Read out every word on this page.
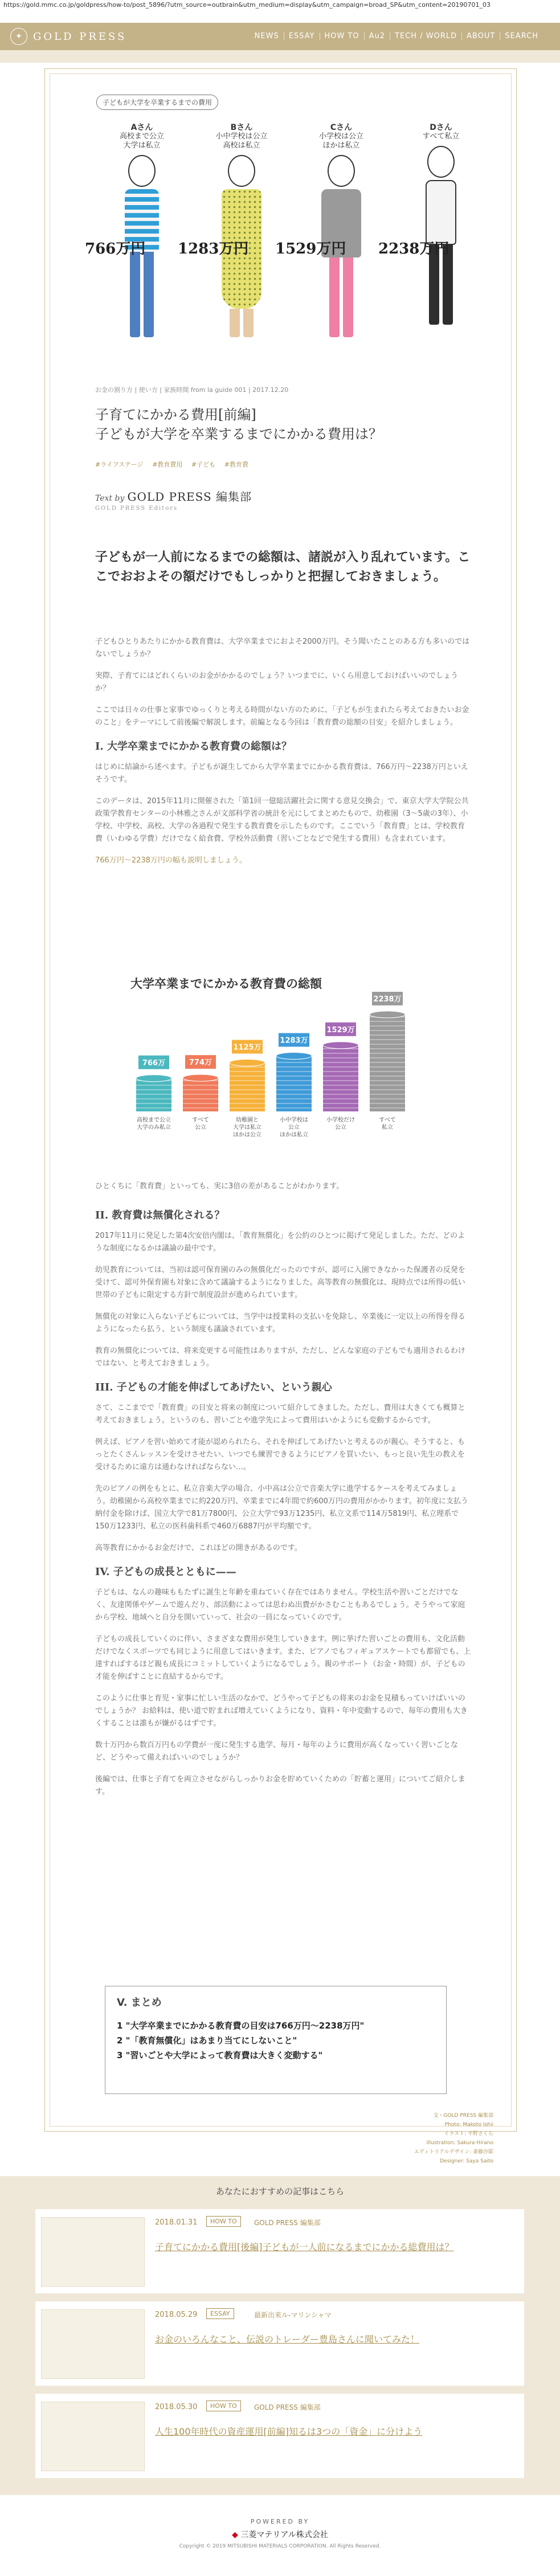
https://gold.mmc.co.jp/goldpress/how-to/post_5896/?utm_source=outbrain&utm_medium=display&utm_campaign=broad_SP&utm_content=20190701_03
✦	GOLD PRESS	NEWS	ESSAY	HOW TO	Au2	TECH / WORLD	ABOUT	SEARCH
子どもが大学を卒業するまでの費用
Aさん
高校まで公立
大学は私立
766万円
Bさん
小中学校は公立
高校は私立
1283万円
Cさん
小学校は公立
ほかは私立
1529万円
Dさん
すべて私立
2238万円
お金の割り方 | 使い方 | 家族時間 from la guide 001 | 2017.12.20
子育てにかかる費用[前編]
子どもが大学を卒業するまでにかかる費用は？
#ライフステージ #教育費用 #子ども #教育費
Text by GOLD PRESS 編集部
GOLD PRESS Editors
子どもが一人前になるまでの総額は、諸説が入り乱れています。ここでおおよその額だけでもしっかりと把握しておきましょう。

子どもひとりあたりにかかる教育費は、大学卒業までにおよそ2000万円。そう聞いたことのある方も多いのではないでしょうか？

実際、子育てにはどれくらいのお金がかかるのでしょう？いつまでに、いくら用意しておけばいいのでしょうか？

ここでは日々の仕事と家事でゆっくりと考える時間がない方のために、「子どもが生まれたら考えておきたいお金のこと」をテーマにして前後編で解説します。前編となる今回は「教育費の総額の目安」を紹介しましょう。

I. 大学卒業までにかかる教育費の総額は？

はじめに結論から述べます。子どもが誕生してから大学卒業までにかかる教育費は、766万円〜2238万円といえそうです。

このデータは、2015年11月に開催された「第1回一億総活躍社会に関する意見交換会」で、東京大学大学院公共政策学教育センターの小林雅之さんが文部科学省の統計を元にしてまとめたもので、幼稚園（3〜5歳の3年）、小学校、中学校、高校、大学の各過程で発生する教育費を示したものです。ここでいう「教育費」とは、学校教育費（いわゆる学費）だけでなく給食費、学校外活動費（習いごとなどで発生する費用）も含まれています。

766万円〜2238万円の幅も説明しましょう。

大学卒業までにかかる教育費の総額
766万
高校まで公立
大学のみ私立
774万
すべて
公立
1125万
幼稚園と
大学は私立
ほかは公立
1283万
小中学校は
公立
ほかは私立
1529万
小学校だけ
公立
2238万
すべて
私立
ひとくちに「教育費」といっても、実に3倍の差があることがわかります。
II. 教育費は無償化される？

2017年11月に発足した第4次安倍内閣は、「教育無償化」を公約のひとつに掲げて発足しました。ただ、どのような制度になるかは議論の最中です。

幼児教育については、当初は認可保育園のみの無償化だったのですが、認可に入園できなかった保護者の反発を受けて、認可外保育園も対象に含めて議論するようになりました。高等教育の無償化は、現時点では所得の低い世帯の子どもに限定する方針で制度設計が進められています。

無償化の対象に入らない子どもについては、当学中は授業料の支払いを免除し、卒業後に一定以上の所得を得るようになったら払う、という制度も議論されています。

教育の無償化については、将来変更する可能性はありますが、ただし、どんな家庭の子どもでも適用されるわけではない、と考えておきましょう。

III. 子どもの才能を伸ばしてあげたい、という親心

さて、ここまでで「教育費」の目安と将来の制度について紹介してきました。ただし、費用は大きくても概算と考えておきましょう。というのも、習いごとや進学先によって費用はいかようにも変動するからです。

例えば、ピアノを習い始めて才能が認められたら、それを伸ばしてあげたいと考えるのが親心。そうすると、もっとたくさんレッスンを受けさせたい、いつでも練習できるようにピアノを買いたい、もっと良い先生の教えを受けるために遠方は通わなければならない…。

先のピアノの例をもとに、私立音楽大学の場合、小中高は公立で音楽大学に進学するケースを考えてみましょう。幼稚園から高校卒業までに約220万円、卒業までに4年間で約600万円の費用がかかります。初年度に支払う納付金を除けば、国立大学で81万7800円、公立大学で93万1235円、私立文系で114万5819円、私立理系で150万1233円、私立の医科歯科系で460万6887円が平均額です。

高等教育にかかるお金だけで、これほどの開きがあるのです。

IV. 子どもの成長とともに——

子どもは、なんの趣味ももたずに誕生と年齢を重ねていく存在ではありません。学校生活や習いごとだけでなく、友達関係やゲームで遊んだり、部活動によっては思わぬ出費がかさむこともあるでしょう。そうやって家庭から学校、地域へと自分を開いていって、社会の一員になっていくのです。

子どもの成長していくのに伴い、さまざまな費用が発生していきます。例に挙げた習いごとの費用も、文化活動だけでなくスポーツでも同じように用意してはいきます。また、ピアノでもフィギュアスケートでも都留でも、上達すればするほど親も成長にコミットしていくようになるでしょう。親のサポート（お金・時間）が、子どもの才能を伸ばすことに直結するからです。

このように仕事と育児・家事に忙しい生活のなかで、どうやって子どもの将来のお金を見積もっていけばいいのでしょうか？ お給料は、使い道で貯まれば増えていくようになり、資料・年中変動するので、毎年の費用も大きくすることは誰もが嫌がるはずです。

数十万円から数百万円もの学費が一度に発生する進学、毎月・毎年のように費用が高くなっていく習いごとなど、どうやって備えればいいのでしょうか？

後編では、仕事と子育てを両立させながらしっかりお金を貯めていくための「貯蓄と運用」についてご紹介します。

V. まとめ
1 "大学卒業までにかかる教育費の目安は766万円〜2238万円"
2 "「教育無償化」はあまり当てにしないこと"
3 "習いごとや大学によって教育費は大きく変動する"
文・GOLD PRESS 編集部
Photo: Makoto Ishii
イラスト: 平野さくら
Illustration: Sakura Hirano
エディトリアルデザイン: 斎藤沙耶
Designer: Saya Saito
あなたにおすすめの記事はこちら
2018.01.31	HOW TO	GOLD PRESS 編集部
子育てにかかる費用[後編]子どもが一人前になるまでにかかる総費用は？
2018.05.29	ESSAY	最新出来ル-マリンシャマ
お金のいろんなこと、伝説のトレーダー豊島さんに聞いてみた！
2018.05.30	HOW TO	GOLD PRESS 編集部
人生100年時代の資産運用[前編]知るは3つの「資金」に分けよう
POWERED BY
◆ 三菱マテリアル株式会社
Copyright © 2019 MITSUBISHI MATERIALS CORPORATION. All Rights Reserved.
